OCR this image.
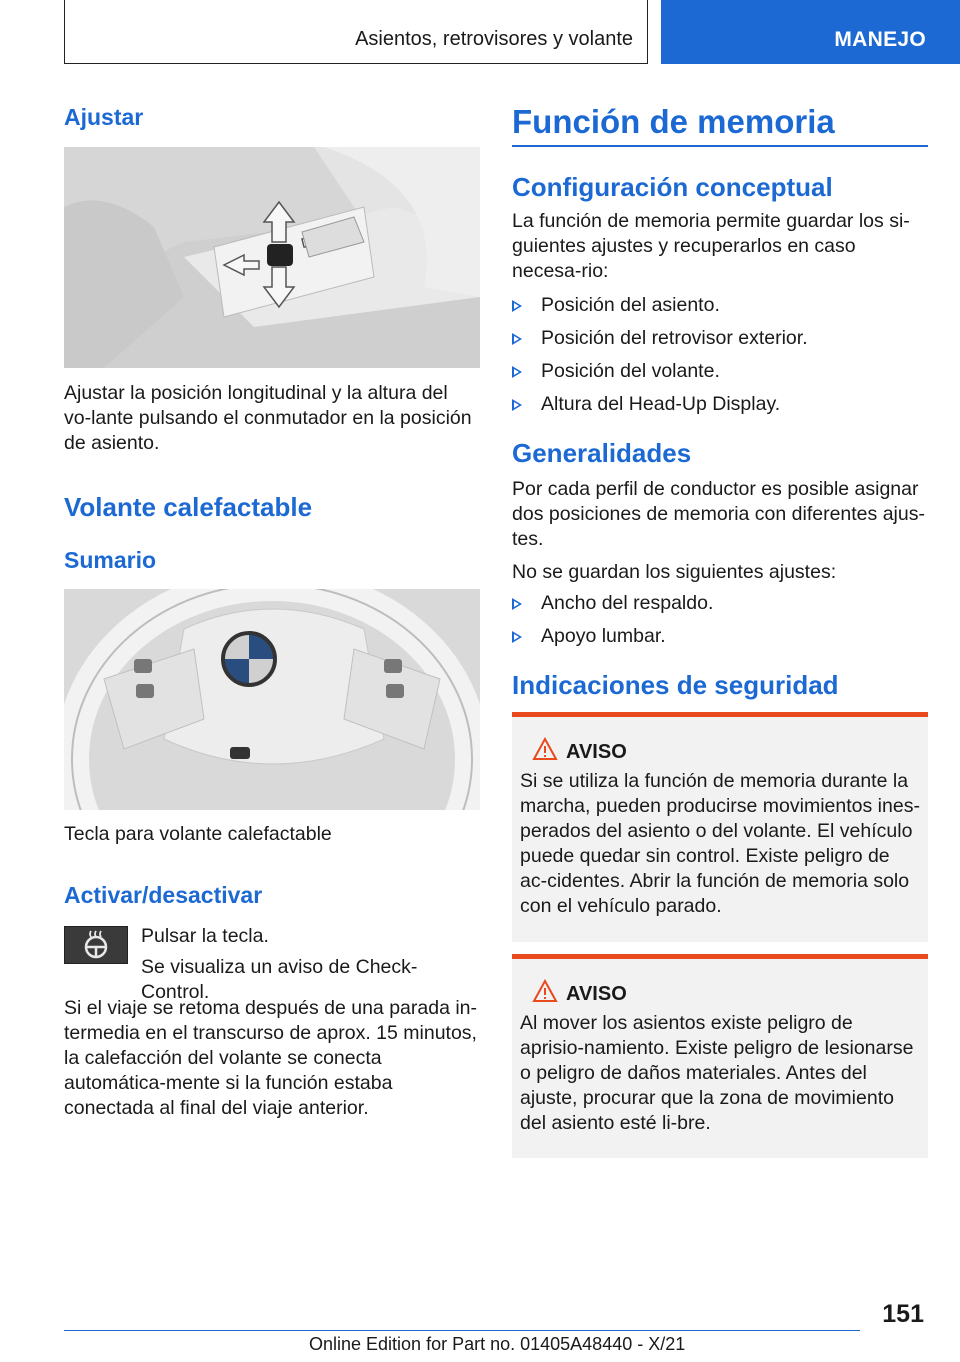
Asientos, retrovisores y volante	MANEJO
Ajustar

Ajustar la posición longitudinal y la altura del vo-lante pulsando el conmutador en la posición de asiento.

Volante calefactable
Sumario

Tecla para volante calefactable

Activar/desactivar

Pulsar la tecla.

Se visualiza un aviso de Check-Control.

Si el viaje se retoma después de una parada in-termedia en el transcurso de aprox. 15 minutos, la calefacción del volante se conecta automática-mente si la función estaba conectada al final del viaje anterior.

Función de memoria
Configuración conceptual

La función de memoria permite guardar los si-guientes ajustes y recuperarlos en caso necesa-rio:

Posición del asiento.
Posición del retrovisor exterior.
Posición del volante.
Altura del Head-Up Display.
Generalidades

Por cada perfil de conductor es posible asignar dos posiciones de memoria con diferentes ajus-tes.

No se guardan los siguientes ajustes:

Ancho del respaldo.
Apoyo lumbar.
Indicaciones de seguridad
AVISO

Si se utiliza la función de memoria durante la marcha, pueden producirse movimientos ines-perados del asiento o del volante. El vehículo puede quedar sin control. Existe peligro de ac-cidentes. Abrir la función de memoria solo con el vehículo parado.

AVISO

Al mover los asientos existe peligro de aprisio-namiento. Existe peligro de lesionarse o peligro de daños materiales. Antes del ajuste, procurar que la zona de movimiento del asiento esté li-bre.

151
Online Edition for Part no. 01405A48440 - X/21
